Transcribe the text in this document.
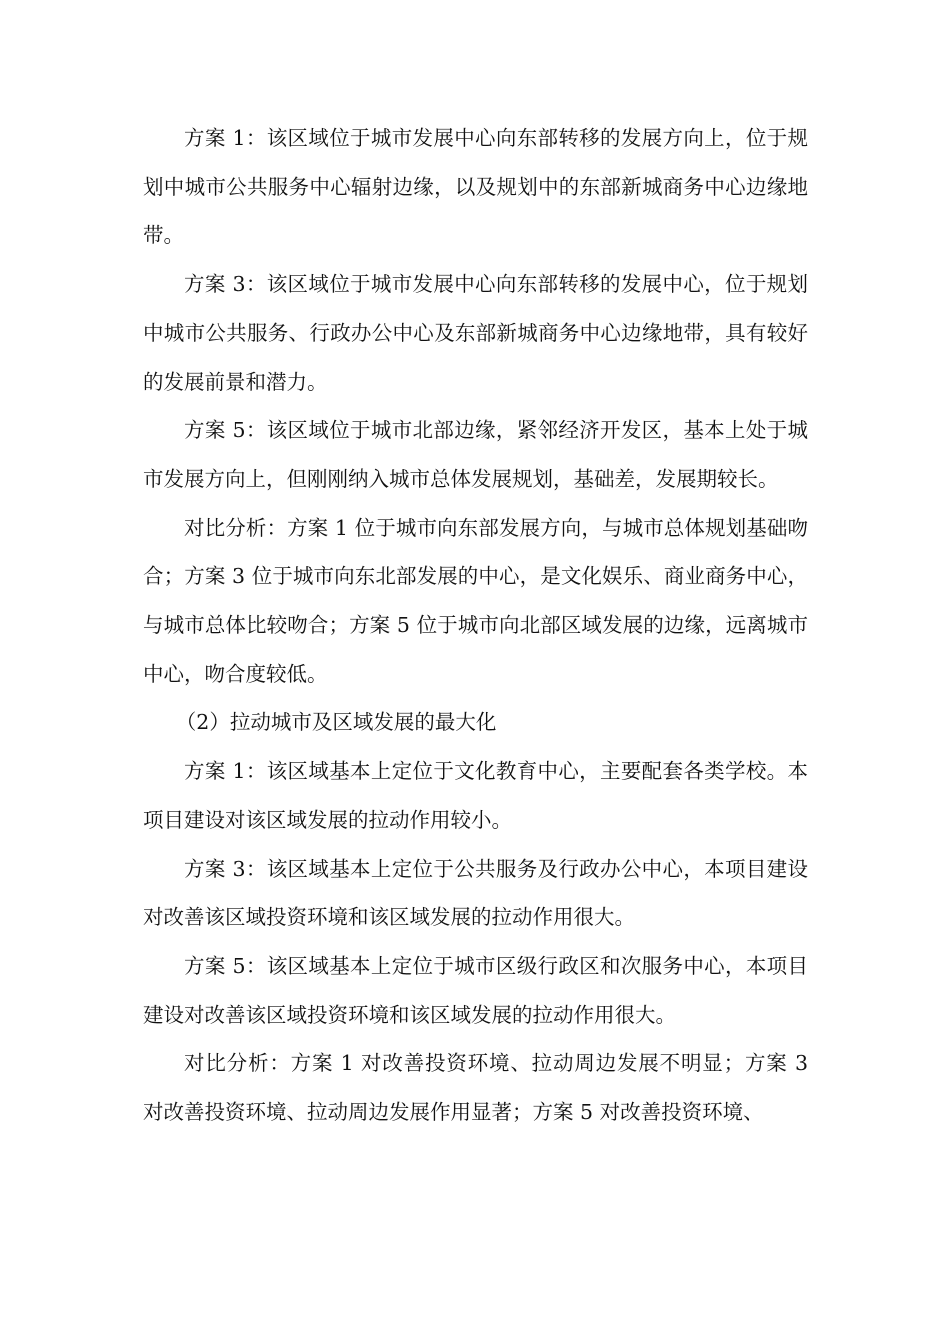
方案 1：该区域位于城市发展中心向东部转移的发展方向上，位于规划中城市公共服务中心辐射边缘，以及规划中的东部新城商务中心边缘地带。

方案 3：该区域位于城市发展中心向东部转移的发展中心，位于规划中城市公共服务、行政办公中心及东部新城商务中心边缘地带，具有较好的发展前景和潜力。

方案 5：该区域位于城市北部边缘，紧邻经济开发区，基本上处于城市发展方向上，但刚刚纳入城市总体发展规划，基础差，发展期较长。

对比分析：方案 1 位于城市向东部发展方向，与城市总体规划基础吻合；方案 3 位于城市向东北部发展的中心，是文化娱乐、商业商务中心，与城市总体比较吻合；方案 5 位于城市向北部区域发展的边缘，远离城市中心，吻合度较低。

（2）拉动城市及区域发展的最大化

方案 1：该区域基本上定位于文化教育中心，主要配套各类学校。本项目建设对该区域发展的拉动作用较小。

方案 3：该区域基本上定位于公共服务及行政办公中心，本项目建设对改善该区域投资环境和该区域发展的拉动作用很大。

方案 5：该区域基本上定位于城市区级行政区和次服务中心，本项目建设对改善该区域投资环境和该区域发展的拉动作用很大。

对比分析：方案 1 对改善投资环境、拉动周边发展不明显；方案 3 对改善投资环境、拉动周边发展作用显著；方案 5 对改善投资环境、
